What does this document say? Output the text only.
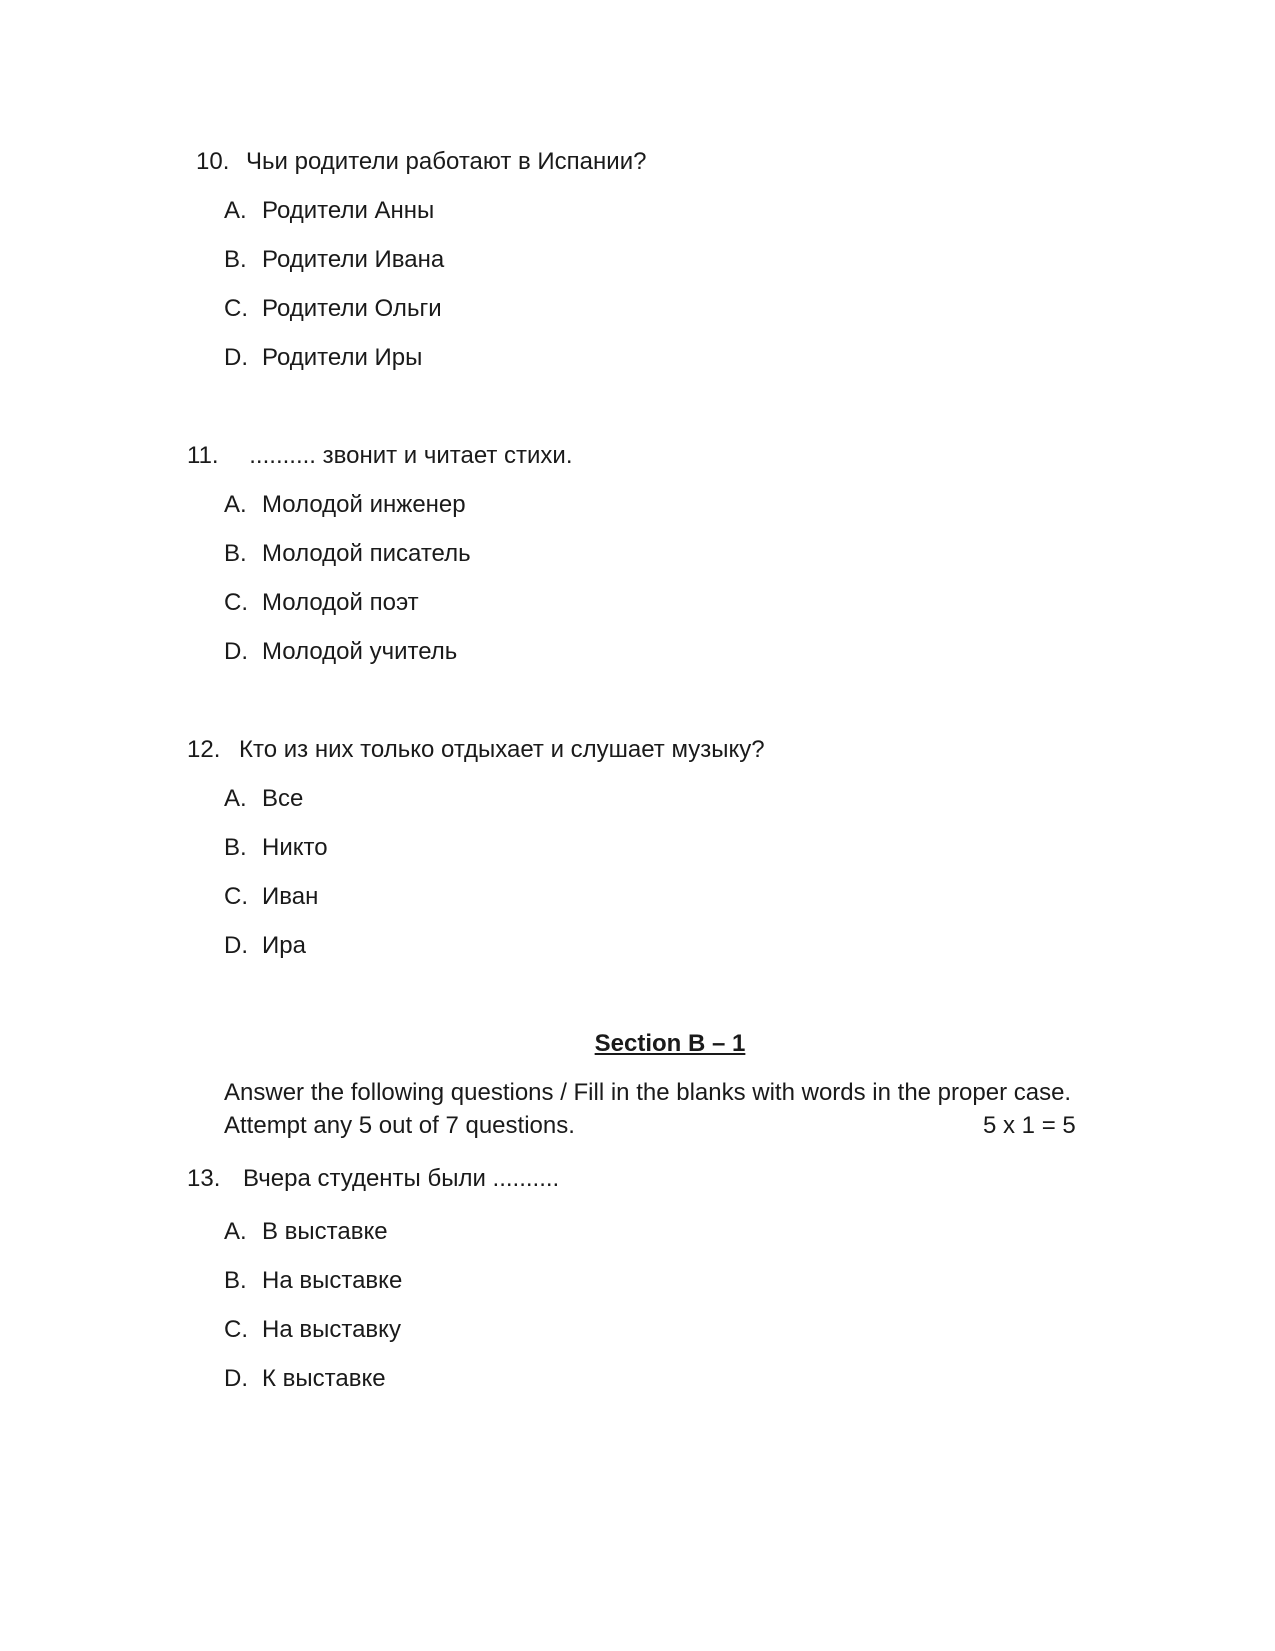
10. Чьи родители работают в Испании?
A. Родители Анны
B. Родители Ивана
C. Родители Ольги
D. Родители Иры
11. .......... звонит и читает стихи.
A. Молодой инженер
B. Молодой писатель
C. Молодой поэт
D. Молодой учитель
12. Кто из них только отдыхает и слушает музыку?
A. Все
B. Никто
C. Иван
D. Ира
Section B – 1
Answer the following questions / Fill in the blanks with words in the proper case.
Attempt any 5 out of 7 questions.	5 x 1 = 5
13. Вчера студенты были ..........
A. В выставке
B. На выставке
C. На выставку
D. К выставке
